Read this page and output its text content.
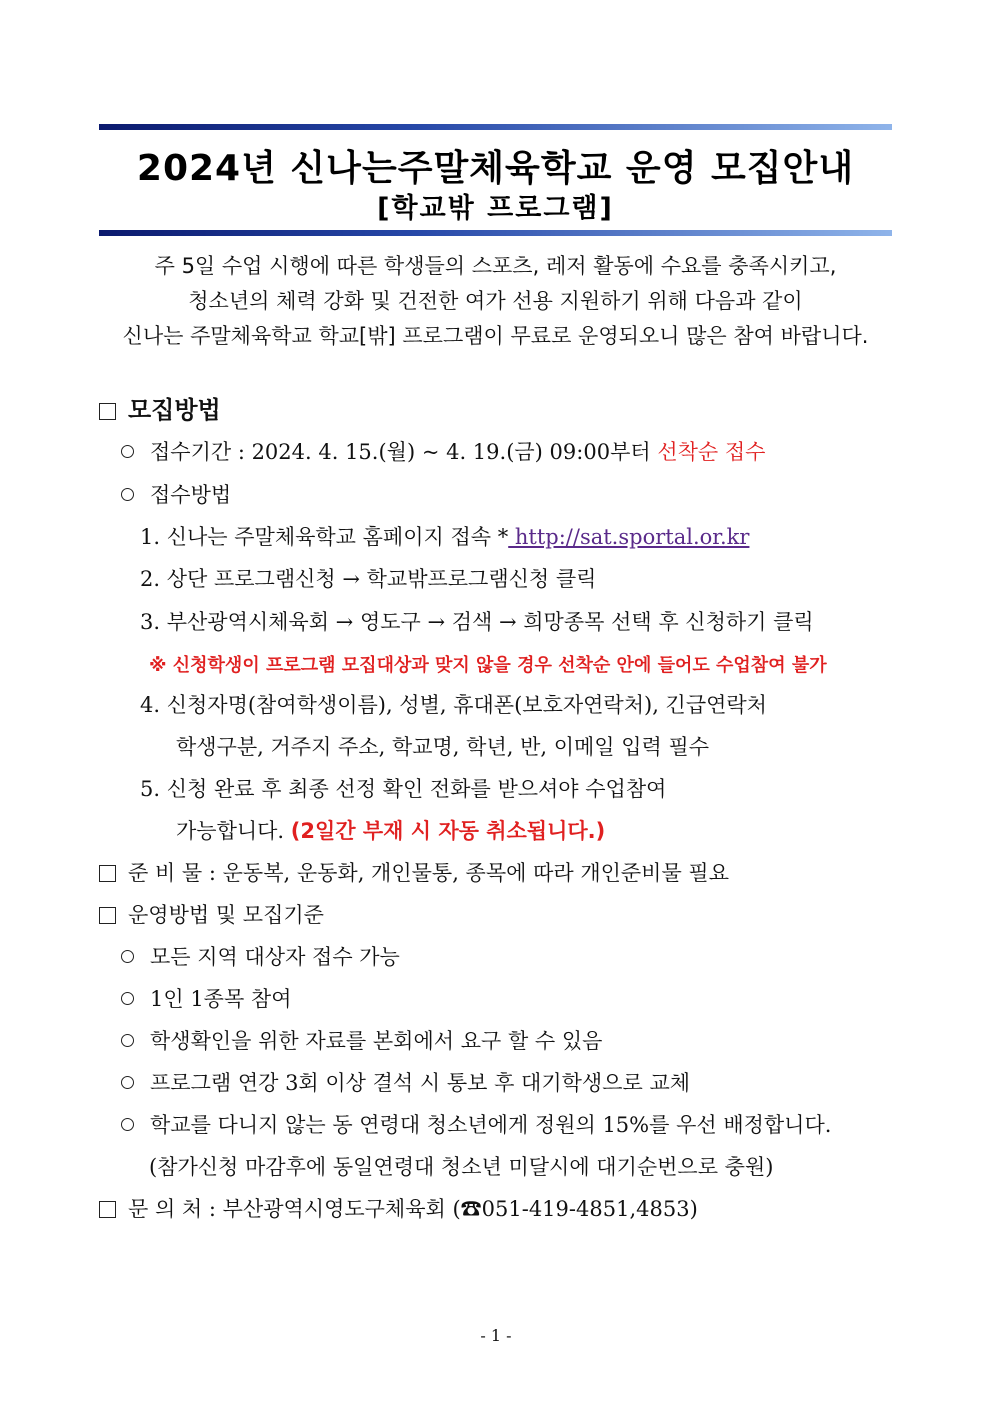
2024년 신나는주말체육학교 운영 모집안내
[학교밖 프로그램]
주 5일 수업 시행에 따른 학생들의 스포츠, 레저 활동에 수요를 충족시키고,
청소년의 체력 강화 및 건전한 여가 선용 지원하기 위해 다음과 같이
신나는 주말체육학교 학교[밖] 프로그램이 무료로 운영되오니 많은 참여 바랍니다.
모집방법
접수기간 : 2024. 4. 15.(월) ~ 4. 19.(금) 09:00부터 선착순 접수
접수방법
1. 신나는 주말체육학교 홈페이지 접속 * http://sat.sportal.or.kr
2. 상단 프로그램신청 → 학교밖프로그램신청 클릭
3. 부산광역시체육회 → 영도구 → 검색 → 희망종목 선택 후 신청하기 클릭
※ 신청학생이 프로그램 모집대상과 맞지 않을 경우 선착순 안에 들어도 수업참여 불가
4. 신청자명(참여학생이름), 성별, 휴대폰(보호자연락처), 긴급연락처
학생구분, 거주지 주소, 학교명, 학년, 반, 이메일 입력 필수
5. 신청 완료 후 최종 선정 확인 전화를 받으셔야 수업참여
가능합니다. (2일간 부재 시 자동 취소됩니다.)
준 비 물 : 운동복, 운동화, 개인물통, 종목에 따라 개인준비물 필요
운영방법 및 모집기준
모든 지역 대상자 접수 가능
1인 1종목 참여
학생확인을 위한 자료를 본회에서 요구 할 수 있음
프로그램 연강 3회 이상 결석 시 통보 후 대기학생으로 교체
학교를 다니지 않는 동 연령대 청소년에게 정원의 15%를 우선 배정합니다.
(참가신청 마감후에 동일연령대 청소년 미달시에 대기순번으로 충원)
문 의 처 : 부산광역시영도구체육회 (☎051-419-4851,4853)
- 1 -
